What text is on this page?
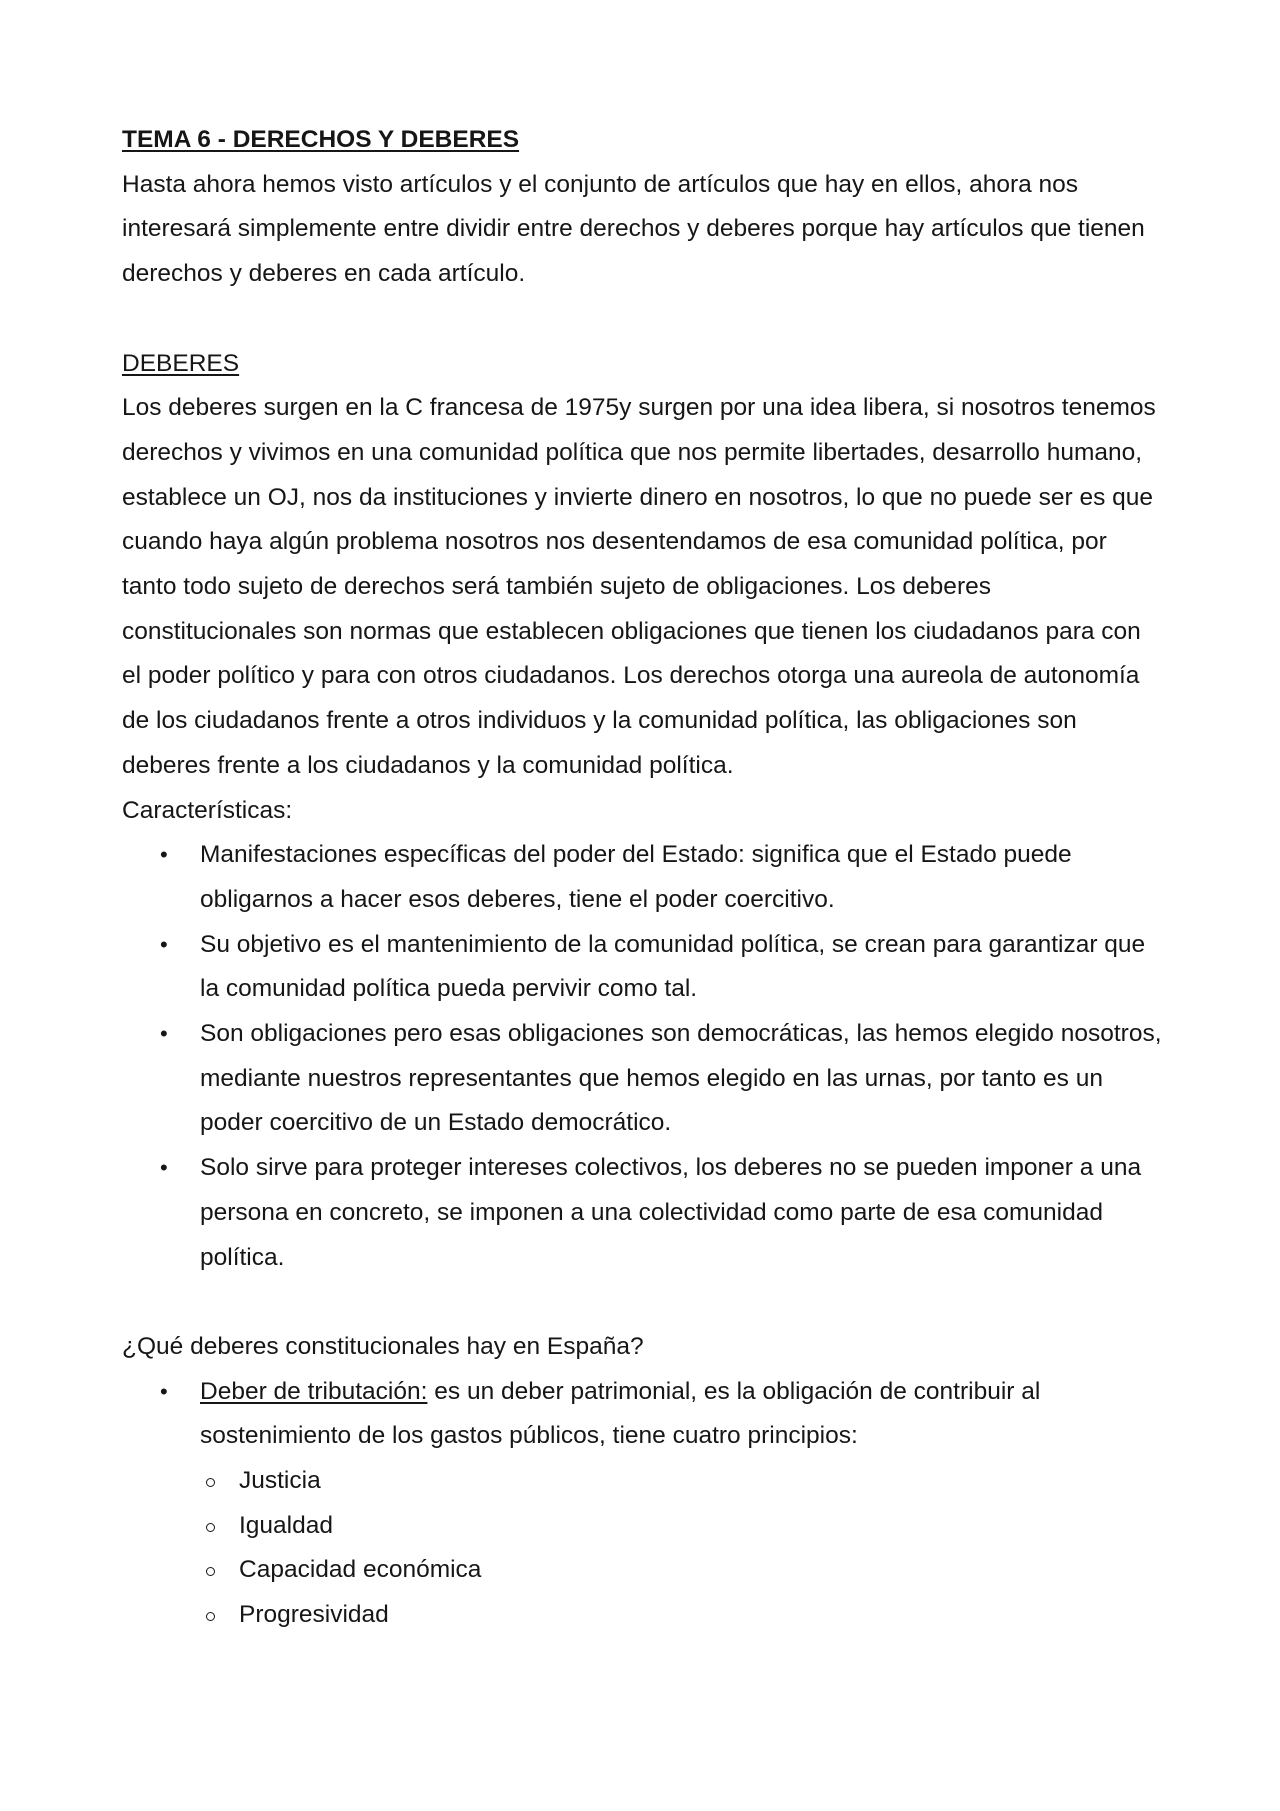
TEMA 6 - DERECHOS Y DEBERES

Hasta ahora hemos visto artículos y el conjunto de artículos que hay en ellos, ahora nos interesará simplemente entre dividir entre derechos y deberes porque hay artículos que tienen derechos y deberes en cada artículo.

DEBERES

Los deberes surgen en la C francesa de 1975y surgen por una idea libera, si nosotros tenemos derechos y vivimos en una comunidad política que nos permite libertades, desarrollo humano, establece un OJ, nos da instituciones y invierte dinero en nosotros, lo que no puede ser es que cuando haya algún problema nosotros nos desentendamos de esa comunidad política, por tanto todo sujeto de derechos será también sujeto de obligaciones. Los deberes constitucionales son normas que establecen obligaciones que tienen los ciudadanos para con el poder político y para con otros ciudadanos. Los derechos otorga una aureola de autonomía de los ciudadanos frente a otros individuos y la comunidad política, las obligaciones son deberes frente a los ciudadanos y la comunidad política.

Características:

• Manifestaciones específicas del poder del Estado: significa que el Estado puede obligarnos a hacer esos deberes, tiene el poder coercitivo.
• Su objetivo es el mantenimiento de la comunidad política, se crean para garantizar que la comunidad política pueda pervivir como tal.
• Son obligaciones pero esas obligaciones son democráticas, las hemos elegido nosotros, mediante nuestros representantes que hemos elegido en las urnas, por tanto es un poder coercitivo de un Estado democrático.
• Solo sirve para proteger intereses colectivos, los deberes no se pueden imponer a una persona en concreto, se imponen a una colectividad como parte de esa comunidad política.

¿Qué deberes constitucionales hay en España?

• Deber de tributación: es un deber patrimonial, es la obligación de contribuir al sostenimiento de los gastos públicos, tiene cuatro principios:
Justicia
Igualdad
Capacidad económica
Progresividad
